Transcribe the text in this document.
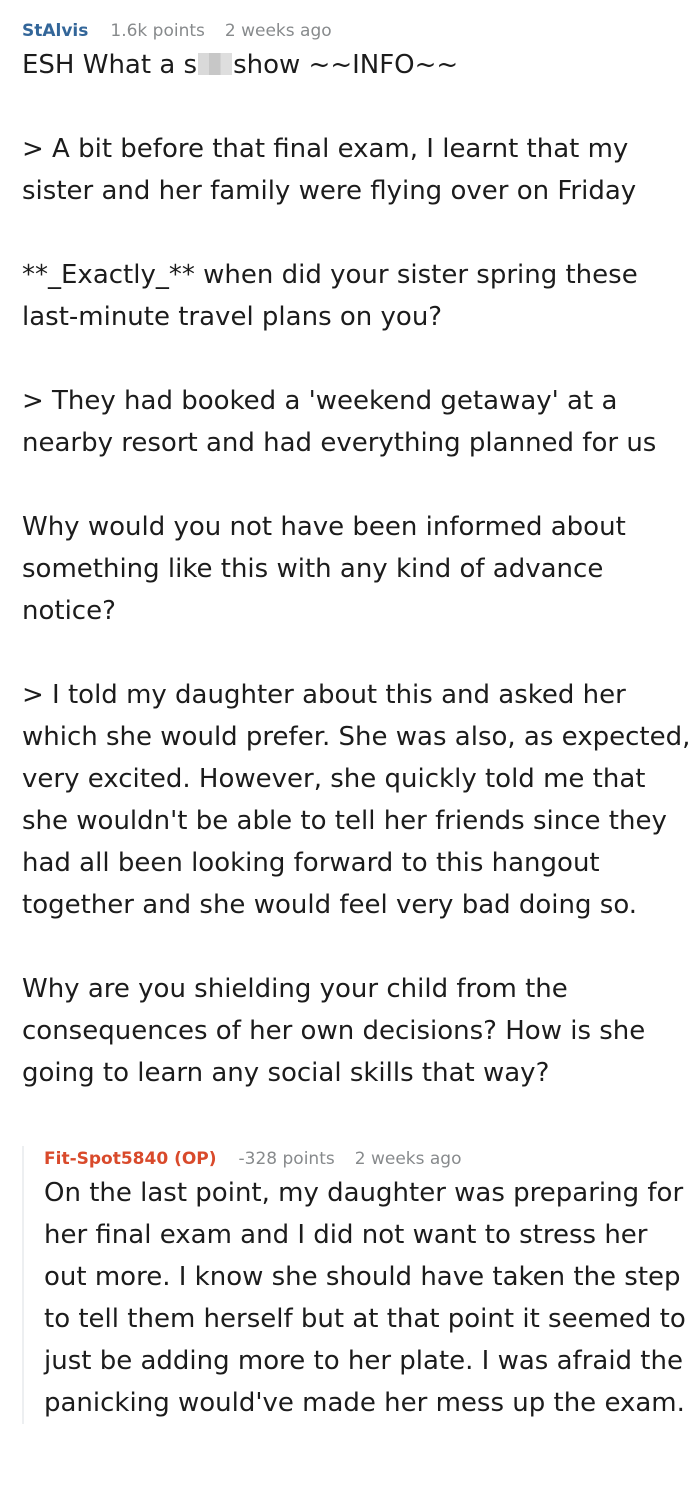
StAlvis 1.6k points 2 weeks ago

ESH What a s show ~~INFO~~

> A bit before that final exam, I learnt that my sister and her family were flying over on Friday

**_Exactly_** when did your sister spring these last-minute travel plans on you?

> They had booked a 'weekend getaway' at a nearby resort and had everything planned for us

Why would you not have been informed about something like this with any kind of advance notice?

> I told my daughter about this and asked her which she would prefer. She was also, as expected, very excited. However, she quickly told me that she wouldn't be able to tell her friends since they had all been looking forward to this hangout together and she would feel very bad doing so.

Why are you shielding your child from the consequences of her own decisions? How is she going to learn any social skills that way?

Fit-Spot5840 (OP) -328 points 2 weeks ago

On the last point, my daughter was preparing for her final exam and I did not want to stress her out more. I know she should have taken the step to tell them herself but at that point it seemed to just be adding more to her plate. I was afraid the panicking would've made her mess up the exam.
